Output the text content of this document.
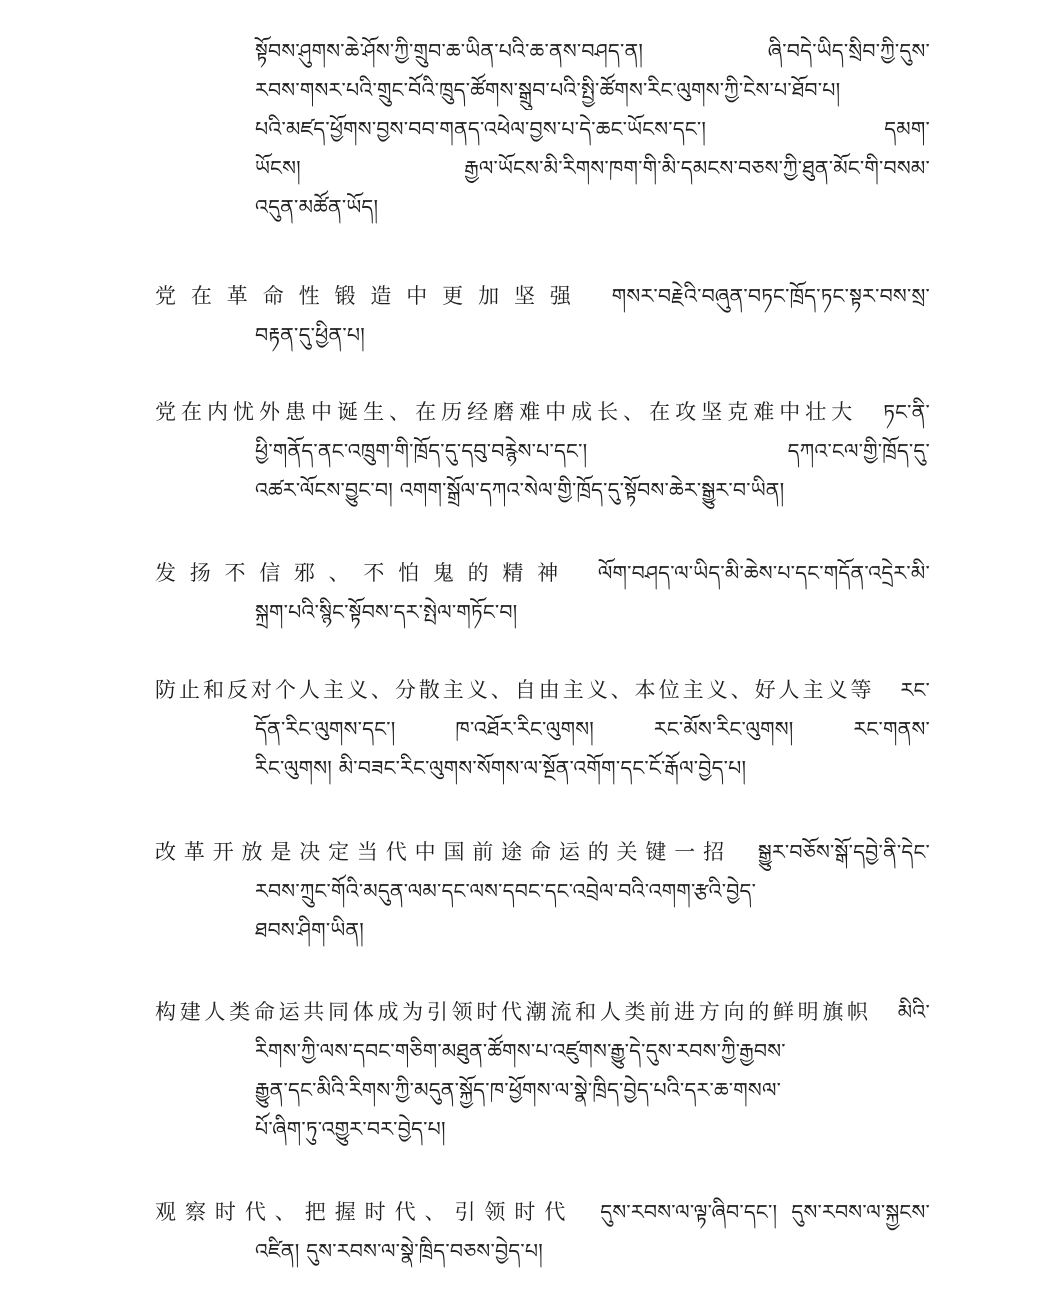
སྟོབས་ཤུགས་ཆེ་ཤོས་ཀྱི་གྲུབ་ཆ་ཡིན་པའི་ཆ་ནས་བཤད་ན། ཞི་བདེ་ཡིད་སྲིབ་ཀྱི་དུས་
རབས་གསར་པའི་གྲུང་བོའི་ཁྲུད་ཚོགས་སྒྲུབ་པའི་སྤྱི་ཚོགས་རིང་ལུགས་ཀྱི་ངེས་པ་ཐོབ་པ།
པའི་མཛད་ཕྱོགས་བྱས་བབ་གནད་འཕེལ་བྱས་པ་དེ་ཆང་ཡོངས་དང་། དམག་
ཡོངས། རྒྱལ་ཡོངས་མི་རིགས་ཁག་གི་མི་དམངས་བཅས་ཀྱི་ཐུན་མོང་གི་བསམ་
འདུན་མཚོན་ཡོད།
党在革命性锻造中更加坚强 གསར་བརྗེའི་བཞུན་བཏང་ཁྲོད་ཏང་སྟར་བས་སྲ་
བརྟན་དུ་ཕྱིན་པ།
党在内忧外患中诞生、在历经磨难中成长、在攻坚克难中壮大 ཏང་ནི་
ཕྱི་གནོད་ནང་འཁྲུག་གི་ཁྲོད་དུ་དབུ་བརྙེས་པ་དང་། དཀའ་ངལ་གྱི་ཁྲོད་དུ་
འཚར་ལོངས་བྱུང་བ། འགག་སྒྲོལ་དཀའ་སེལ་གྱི་ཁྲོད་དུ་སྟོབས་ཆེར་སྒྱུར་བ་ཡིན།
发扬不信邪、不怕鬼的精神 ལོག་བཤད་ལ་ཡིད་མི་ཆེས་པ་དང་གདོན་འདྲེར་མི་
སྐྲག་པའི་སྙིང་སྟོབས་དར་སྤེལ་གཏོང་བ།
防止和反对个人主义、分散主义、自由主义、本位主义、好人主义等 རང་
དོན་རིང་ལུགས་དང་། ཁ་འཐོར་རིང་ལུགས། རང་མོས་རིང་ལུགས། རང་གནས་
རིང་ལུགས། མི་བཟང་རིང་ལུགས་སོགས་ལ་སྔོན་འགོག་དང་ངོ་རྒོལ་བྱེད་པ།
改革开放是决定当代中国前途命运的关键一招 སྒྱུར་བཅོས་སྒོ་དབྱེ་ནི་དེང་
རབས་ཀྲུང་གོའི་མདུན་ལམ་དང་ལས་དབང་དང་འབྲེལ་བའི་འགག་རྩའི་བྱེད་
ཐབས་ཤིག་ཡིན།
构建人类命运共同体成为引领时代潮流和人类前进方向的鲜明旗帜 མིའི་
རིགས་ཀྱི་ལས་དབང་གཅིག་མཐུན་ཚོགས་པ་འཛུགས་རྒྱུ་དེ་དུས་རབས་ཀྱི་རྒྱབས་
རྒྱུན་དང་མིའི་རིགས་ཀྱི་མདུན་སྐྱོད་ཁ་ཕྱོགས་ལ་སྣེ་ཁྲིད་བྱེད་པའི་དར་ཆ་གསལ་
པོ་ཞིག་ཏུ་འགྱུར་བར་བྱེད་པ།
观察时代、把握时代、引领时代 དུས་རབས་ལ་ལྟ་ཞིབ་དང་། དུས་རབས་ལ་སྐྱངས་
འཛིན། དུས་རབས་ལ་སྣེ་ཁྲིད་བཅས་བྱེད་པ།
